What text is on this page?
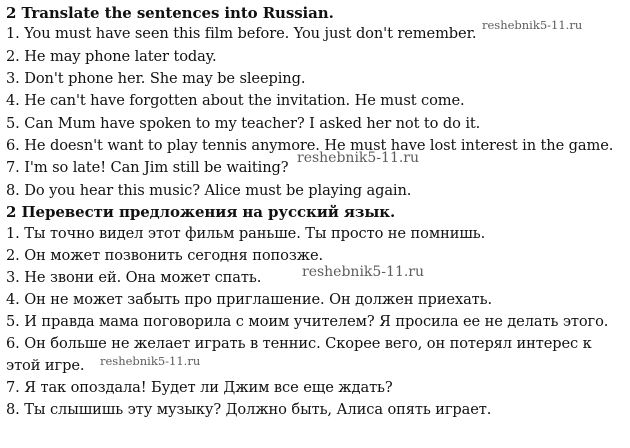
2 Translate the sentences into Russian.
1. You must have seen this film before. You just don't remember.
2. He may phone later today.
3. Don't phone her. She may be sleeping.
4. He can't have forgotten about the invitation. He must come.
5. Can Mum have spoken to my teacher? I asked her not to do it.
6. He doesn't want to play tennis anymore. He must have lost interest in the game.
7. I'm so late! Can Jim still be waiting?
8. Do you hear this music? Alice must be playing again.
2 Перевести предложения на русский язык.
1. Ты точно видел этот фильм раньше. Ты просто не помнишь.
2. Он может позвонить сегодня попозже.
3. Не звони ей. Она может спать.
4. Он не может забыть про приглашение. Он должен приехать.
5. И правда мама поговорила с моим учителем? Я просила ее не делать этого.
6. Он больше не желает играть в теннис. Скорее вего, он потерял интерес к
этой игре.
7. Я так опоздала! Будет ли Джим все еще ждать?
8. Ты слышишь эту музыку? Должно быть, Алиса опять играет.
reshebnik5-11.ru
reshebnik5-11.ru
reshebnik5-11.ru
reshebnik5-11.ru
